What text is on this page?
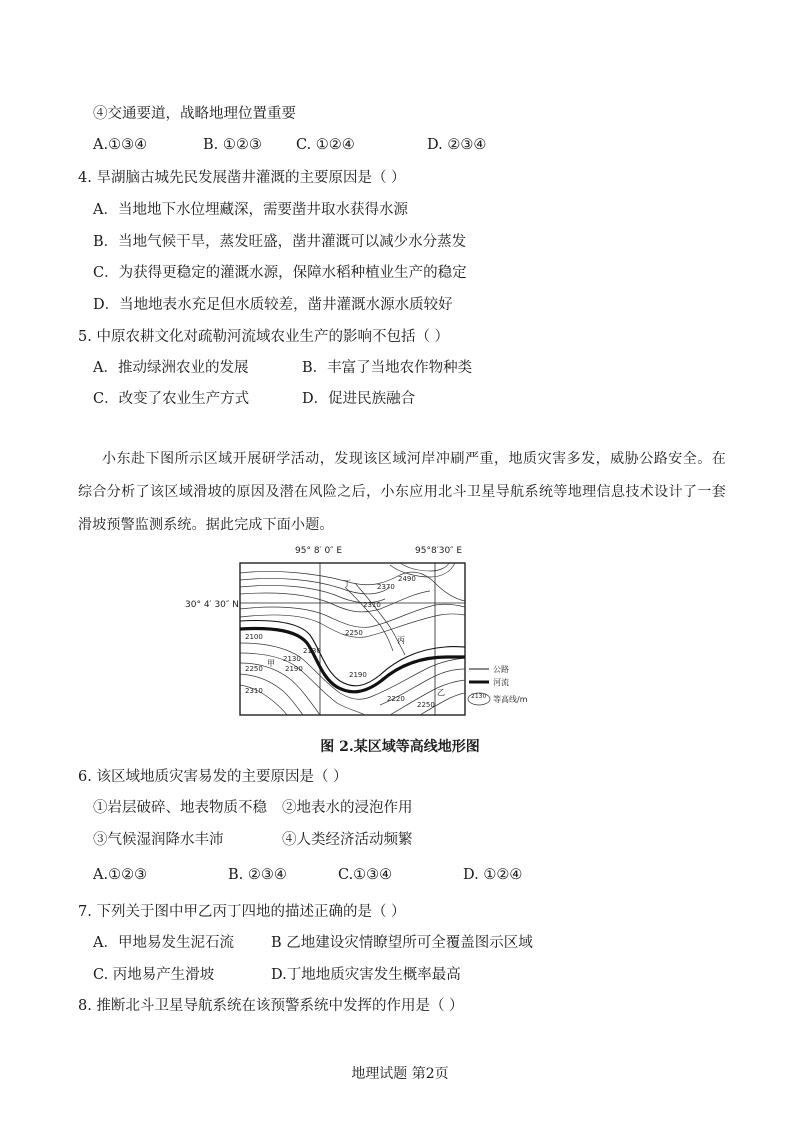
④交通要道，战略地理位置重要
A.①③④	B. ①②③ C. ①②④	D. ②③④
4. 旱湖脑古城先民发展凿井灌溉的主要原因是（ ）
A．当地地下水位埋藏深，需要凿井取水获得水源
B．当地气候干旱，蒸发旺盛，凿井灌溉可以减少水分蒸发
C．为获得更稳定的灌溉水源，保障水稻种植业生产的稳定
D．当地地表水充足但水质较差，凿井灌溉水源水质较好
5. 中原农耕文化对疏勒河流域农业生产的影响不包括（ ）
A．推动绿洲农业的发展	B．丰富了当地农作物种类
C．改变了农业生产方式	D．促进民族融合
小东赴下图所示区域开展研学活动，发现该区域河岸冲刷严重，地质灾害多发，威胁公路安全。在综合分析了该区域滑坡的原因及潜在风险之后，小东应用北斗卫星导航系统等地理信息技术设计了一套滑坡预警监测系统。据此完成下面小题。
95° 8′ 0″ E	95°8′30″ E
30° 4′ 30″ N
2490
2370
2310
2250
2130
2100
2130
2190
2250
2310
2190
2220
2250
甲
乙
丙
丁
公路
河流
2130 等高线/m
图 2.某区域等高线地形图
6. 该区域地质灾害易发的主要原因是（ ）
①岩层破碎、地表物质不稳 ②地表水的浸泡作用
③气候湿润降水丰沛	④人类经济活动频繁
A.①②③	B. ②③④	C.①③④	D. ①②④
7. 下列关于图中甲乙丙丁四地的描述正确的是（ ）
A．甲地易发生泥石流	B 乙地建设灾情瞭望所可全覆盖图示区域
C. 丙地易产生滑坡	D.丁地地质灾害发生概率最高
8. 推断北斗卫星导航系统在该预警系统中发挥的作用是（ ）
地理试题 第2页
